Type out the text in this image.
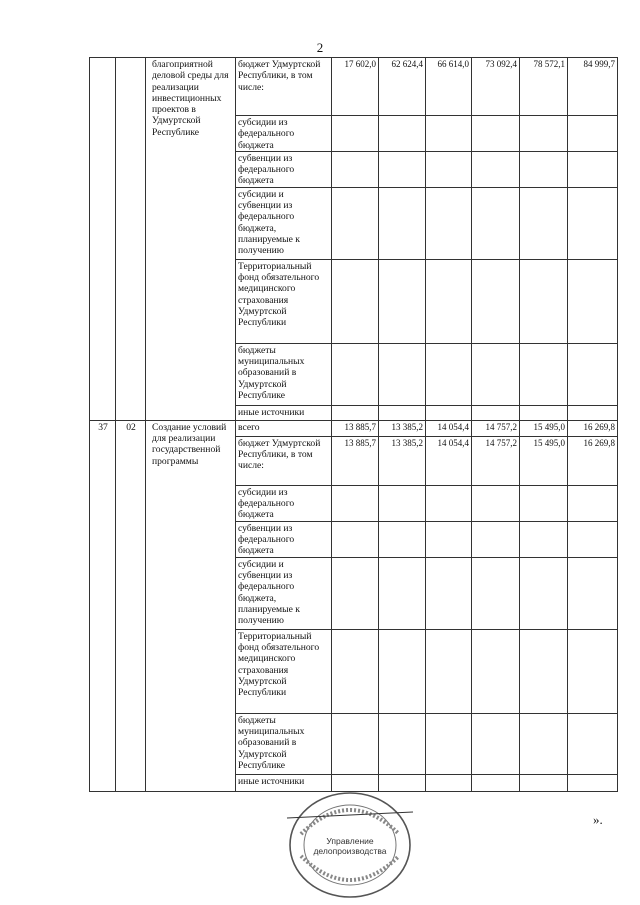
2
		благоприятной деловой среды для реализации инвестиционных проектов в Удмуртской Республике	бюджет Удмуртской Республики, в том числе:	17 602,0	62 624,4	66 614,0	73 092,4	78 572,1	84 999,7
			субсидии из федерального бюджета						
			субвенции из федерального бюджета						
			субсидии и субвенции из федерального бюджета, планируемые к получению						
			Территориальный фонд обязательного медицинского страхования Удмуртской Республики						
			бюджеты муниципальных образований в Удмуртской Республике						
			иные источники						
37	02	Создание условий для реализации государственной программы	всего	13 885,7	13 385,2	14 054,4	14 757,2	15 495,0	16 269,8
			бюджет Удмуртской Республики, в том числе:	13 885,7	13 385,2	14 054,4	14 757,2	15 495,0	16 269,8
			субсидии из федерального бюджета						
			субвенции из федерального бюджета						
			субсидии и субвенции из федерального бюджета, планируемые к получению						
			Территориальный фонд обязательного медицинского страхования Удмуртской Республики						
			бюджеты муниципальных образований в Удмуртской Республике						
			иные источники						
».
Управление
делопроизводства
